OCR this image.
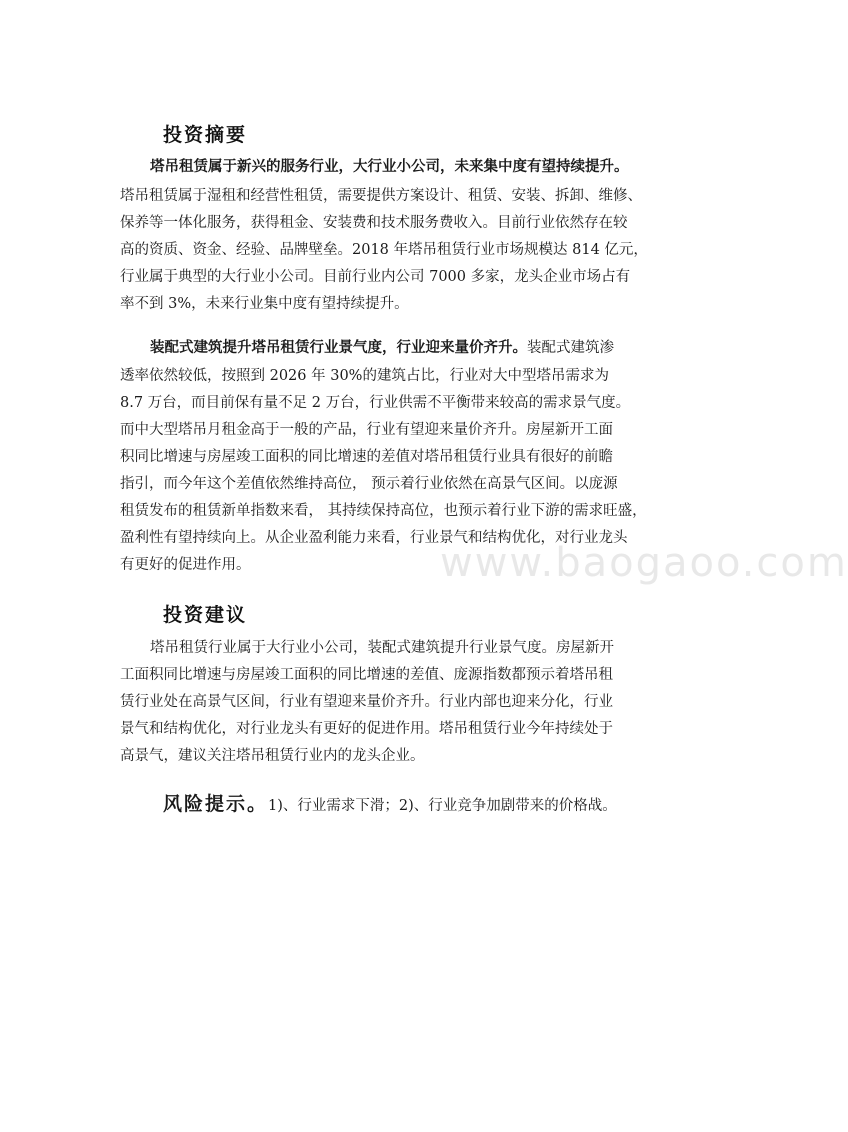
投资摘要
塔吊租赁属于新兴的服务行业，大行业小公司，未来集中度有望持续提升。
塔吊租赁属于湿租和经营性租赁，需要提供方案设计、租赁、安装、拆卸、维修、
保养等一体化服务，获得租金、安装费和技术服务费收入。目前行业依然存在较
高的资质、资金、经验、品牌壁垒。2018 年塔吊租赁行业市场规模达 814 亿元，
行业属于典型的大行业小公司。目前行业内公司 7000 多家，龙头企业市场占有
率不到 3%，未来行业集中度有望持续提升。
装配式建筑提升塔吊租赁行业景气度，行业迎来量价齐升。装配式建筑渗
透率依然较低，按照到 2026 年 30%的建筑占比，行业对大中型塔吊需求为
8.7 万台，而目前保有量不足 2 万台，行业供需不平衡带来较高的需求景气度。
而中大型塔吊月租金高于一般的产品，行业有望迎来量价齐升。房屋新开工面
积同比增速与房屋竣工面积的同比增速的差值对塔吊租赁行业具有很好的前瞻
指引，而今年这个差值依然维持高位， 预示着行业依然在高景气区间。以庞源
租赁发布的租赁新单指数来看， 其持续保持高位，也预示着行业下游的需求旺盛，
盈利性有望持续向上。从企业盈利能力来看，行业景气和结构优化，对行业龙头
有更好的促进作用。
投资建议
塔吊租赁行业属于大行业小公司，装配式建筑提升行业景气度。房屋新开
工面积同比增速与房屋竣工面积的同比增速的差值、庞源指数都预示着塔吊租
赁行业处在高景气区间，行业有望迎来量价齐升。行业内部也迎来分化，行业
景气和结构优化，对行业龙头有更好的促进作用。塔吊租赁行业今年持续处于
高景气，建议关注塔吊租赁行业内的龙头企业。
风险提示。1)、行业需求下滑；2)、行业竞争加剧带来的价格战。
www.baogaoo.com
